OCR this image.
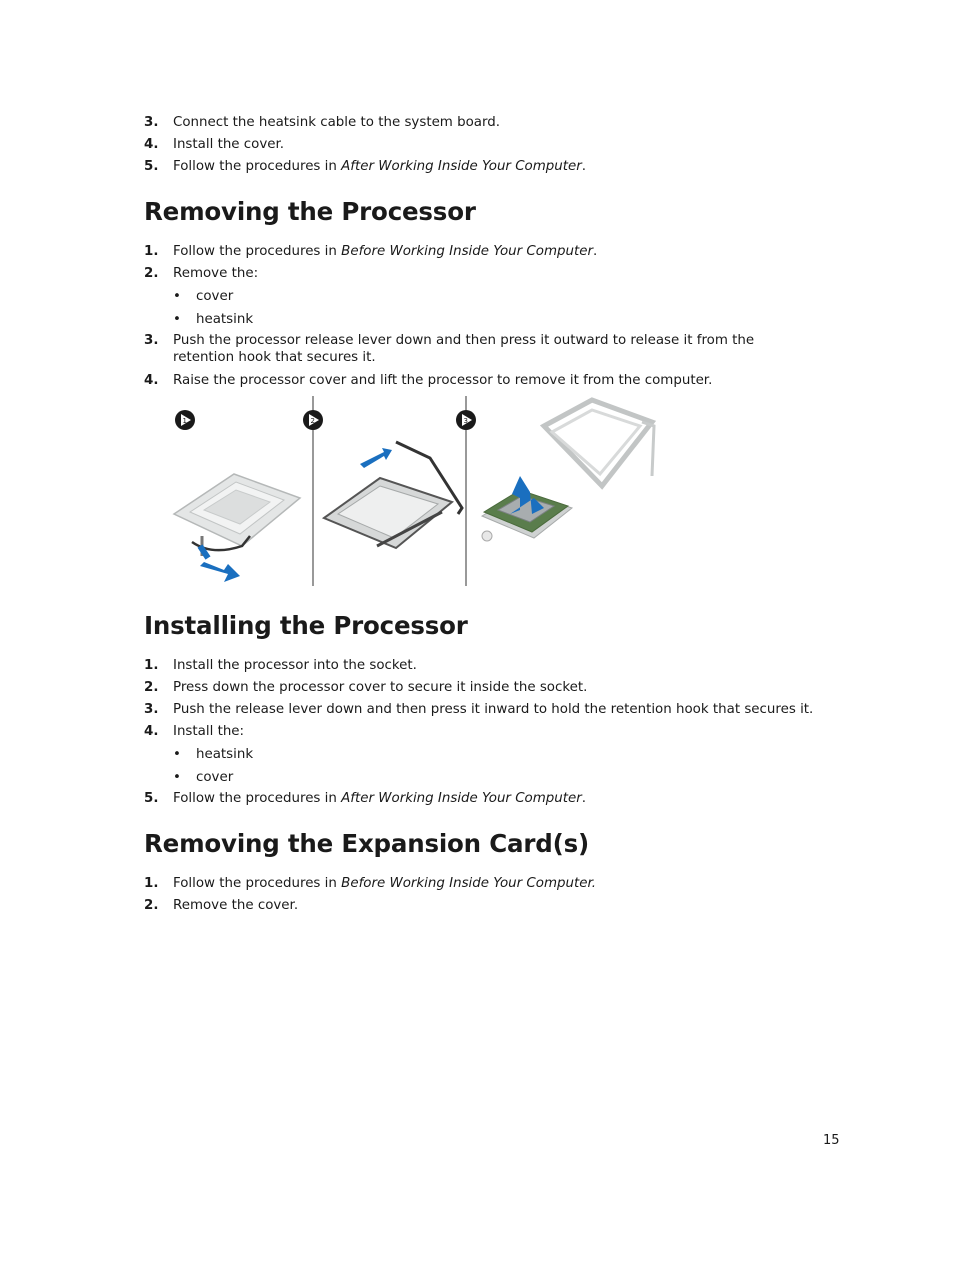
3. Connect the heatsink cable to the system board.
4. Install the cover.
5. Follow the procedures in After Working Inside Your Computer.
Removing the Processor
1. Follow the procedures in Before Working Inside Your Computer.
2. Remove the:
• cover
• heatsink
3. Push the processor release lever down and then press it outward to release it from the retention hook that secures it.
4. Raise the processor cover and lift the processor to remove it from the computer.
1	2	3
Installing the Processor
1. Install the processor into the socket.
2. Press down the processor cover to secure it inside the socket.
3. Push the release lever down and then press it inward to hold the retention hook that secures it.
4. Install the:
• heatsink
• cover
5. Follow the procedures in After Working Inside Your Computer.
Removing the Expansion Card(s)
1. Follow the procedures in Before Working Inside Your Computer.
2. Remove the cover.
15
